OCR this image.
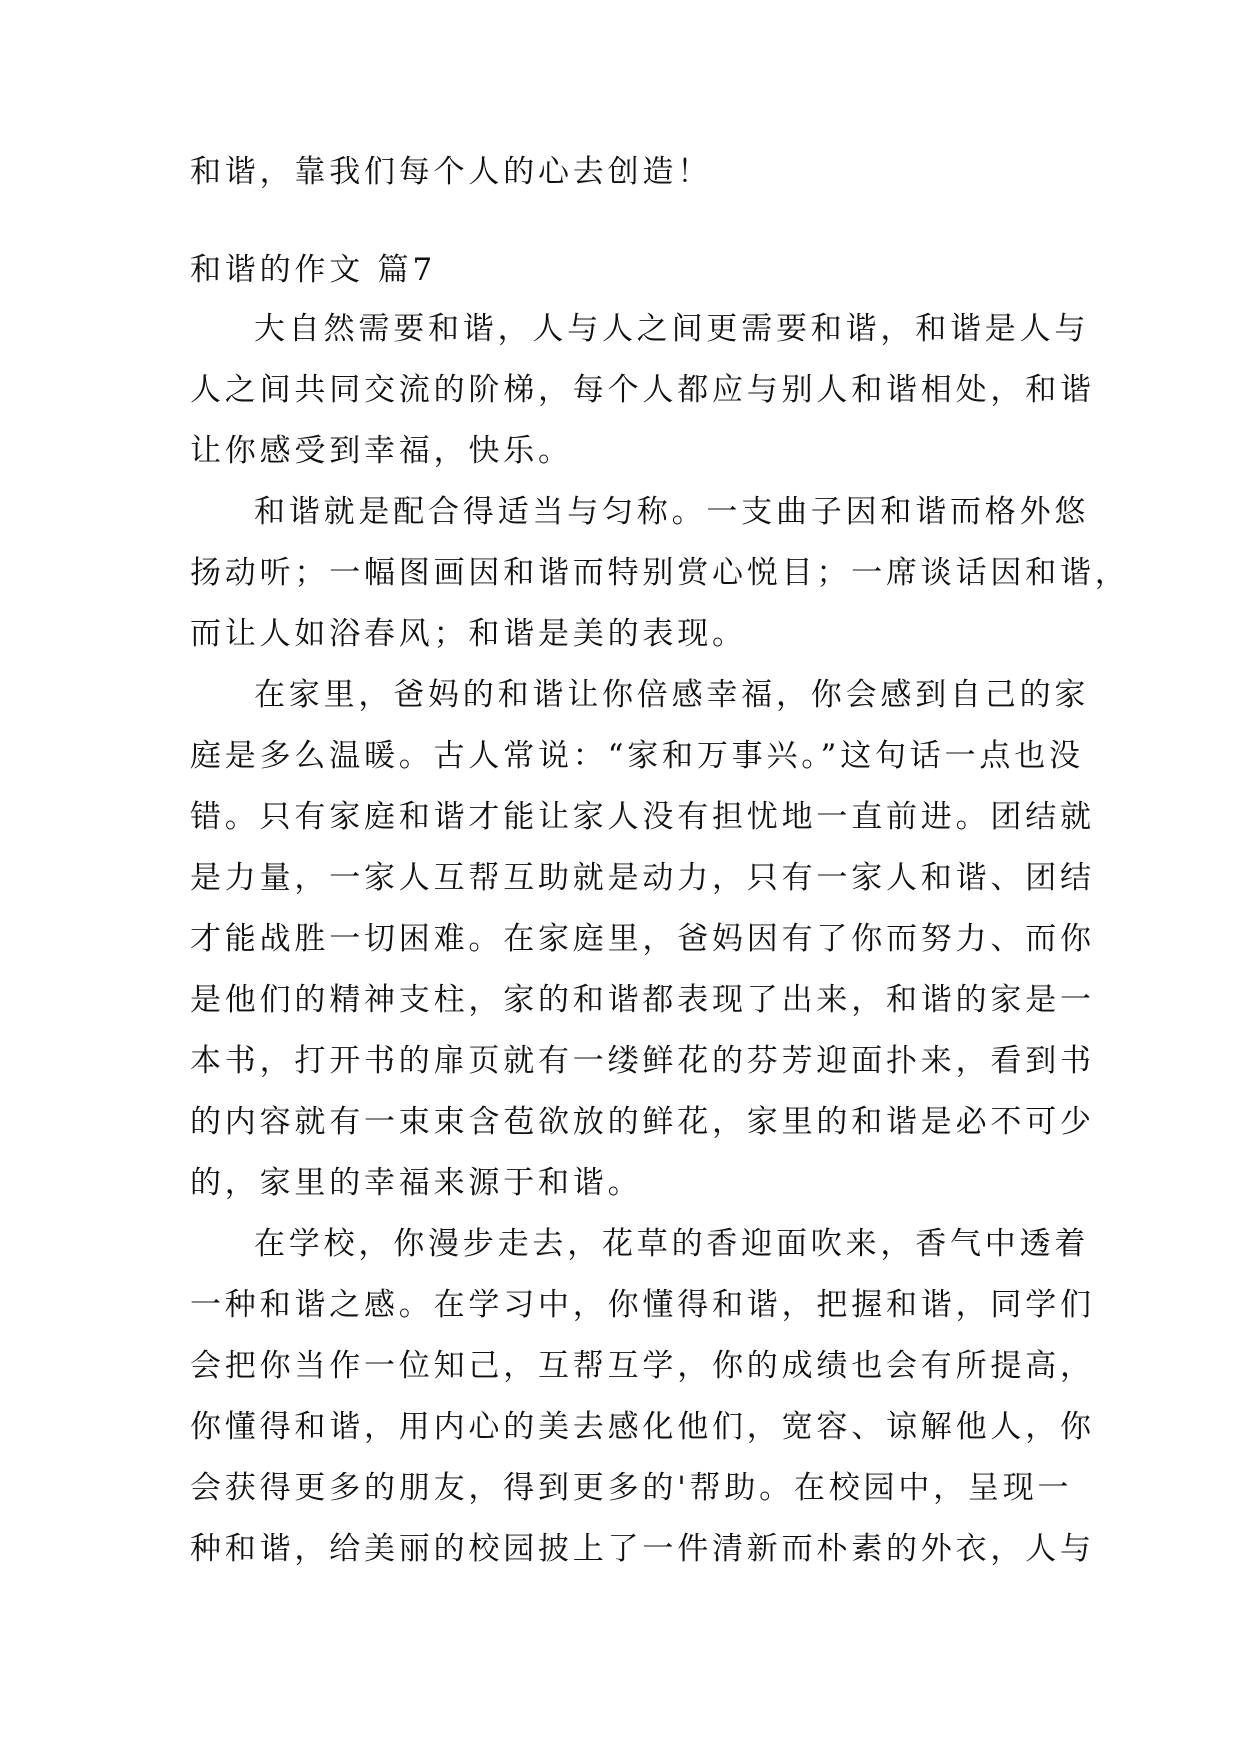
和谐，靠我们每个人的心去创造！
和谐的作文 篇7
大自然需要和谐，人与人之间更需要和谐，和谐是人与
人之间共同交流的阶梯，每个人都应与别人和谐相处，和谐
让你感受到幸福，快乐。
和谐就是配合得适当与匀称。一支曲子因和谐而格外悠
扬动听；一幅图画因和谐而特别赏心悦目；一席谈话因和谐，
而让人如浴春风；和谐是美的表现。
在家里，爸妈的和谐让你倍感幸福，你会感到自己的家
庭是多么温暖。古人常说：“家和万事兴。”这句话一点也没
错。只有家庭和谐才能让家人没有担忧地一直前进。团结就
是力量，一家人互帮互助就是动力，只有一家人和谐、团结
才能战胜一切困难。在家庭里，爸妈因有了你而努力、而你
是他们的精神支柱，家的和谐都表现了出来，和谐的家是一
本书，打开书的扉页就有一缕鲜花的芬芳迎面扑来，看到书
的内容就有一束束含苞欲放的鲜花，家里的和谐是必不可少
的，家里的幸福来源于和谐。
在学校，你漫步走去，花草的香迎面吹来，香气中透着
一种和谐之感。在学习中，你懂得和谐，把握和谐，同学们
会把你当作一位知己，互帮互学，你的成绩也会有所提高，
你懂得和谐，用内心的美去感化他们，宽容、谅解他人，你
会获得更多的朋友，得到更多的'帮助。在校园中，呈现一
种和谐，给美丽的校园披上了一件清新而朴素的外衣，人与
